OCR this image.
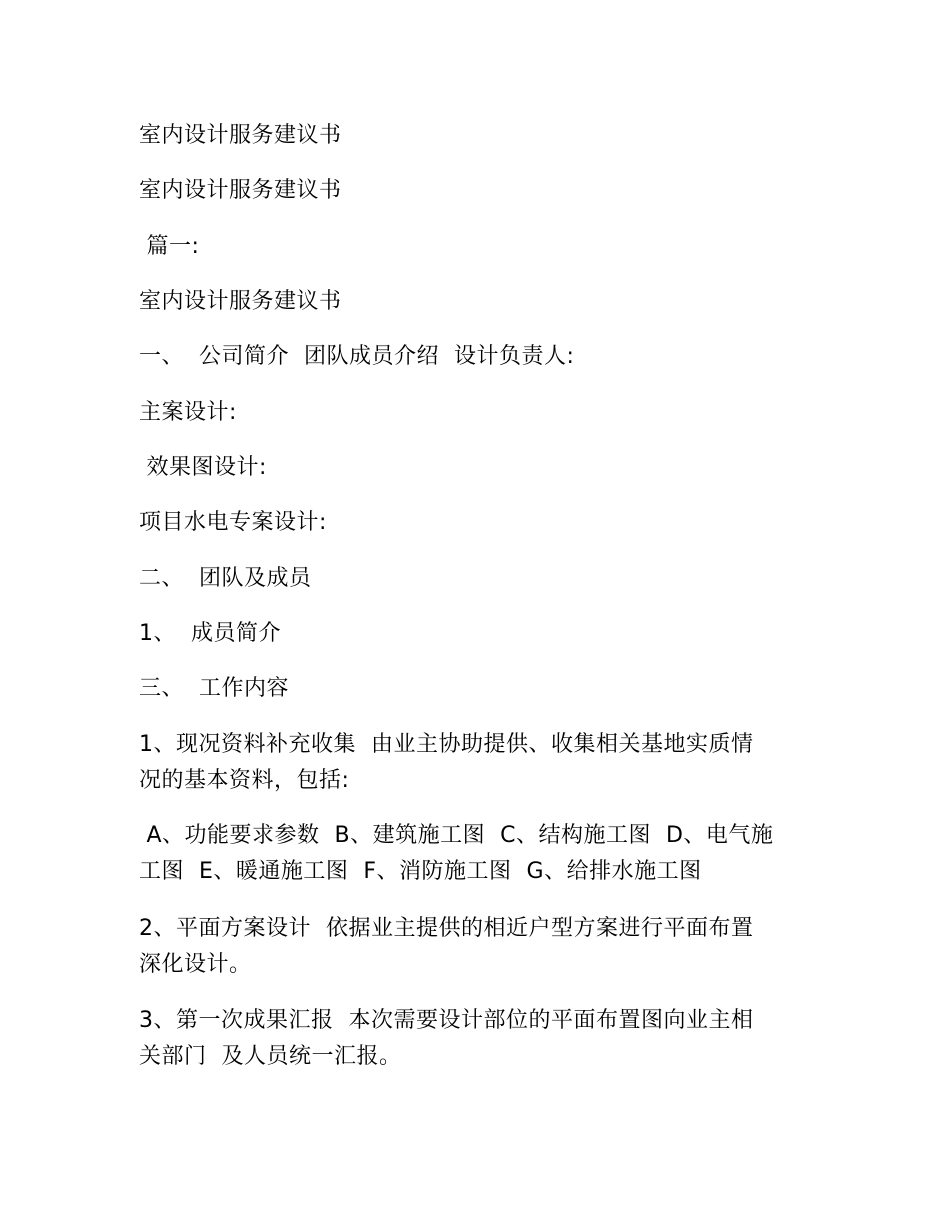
室内设计服务建议书
室内设计服务建议书
篇一:
室内设计服务建议书
一、  公司简介  团队成员介绍  设计负责人:
主案设计:
效果图设计:
项目水电专案设计:
二、  团队及成员
1、  成员简介
三、  工作内容
1、现况资料补充收集  由业主协助提供、收集相关基地实质情
况的基本资料，包括:
A、功能要求参数  B、建筑施工图  C、结构施工图  D、电气施
工图  E、暖通施工图  F、消防施工图  G、给排水施工图
2、平面方案设计  依据业主提供的相近户型方案进行平面布置
深化设计。
3、第一次成果汇报  本次需要设计部位的平面布置图向业主相
关部门  及人员统一汇报。
